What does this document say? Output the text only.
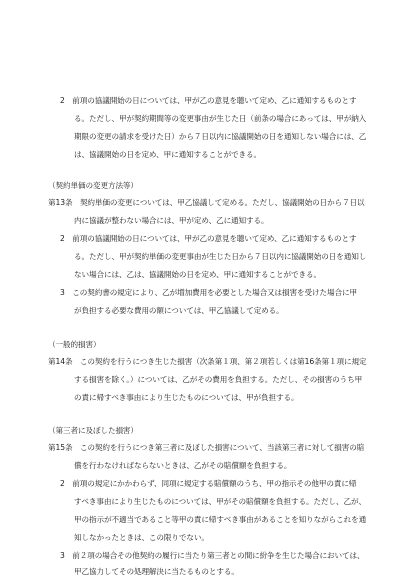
2　前項の協議開始の日については、甲が乙の意見を聴いて定め、乙に通知するものとす
る。ただし、甲が契約期間等の変更事由が生じた日（前条の場合にあっては、甲が納入
期限の変更の請求を受けた日）から７日以内に協議開始の日を通知しない場合には、乙
は、協議開始の日を定め、甲に通知することができる。
（契約単価の変更方法等）
第13条　契約単価の変更については、甲乙協議して定める。ただし、協議開始の日から７日以
内に協議が整わない場合には、甲が定め、乙に通知する。
2　前項の協議開始の日については、甲が乙の意見を聴いて定め、乙に通知するものとす
る。ただし、甲が契約単価の変更事由が生じた日から７日以内に協議開始の日を通知し
ない場合には、乙は、協議開始の日を定め、甲に通知することができる。
3　この契約書の規定により、乙が増加費用を必要とした場合又は損害を受けた場合に甲
が負担する必要な費用の額については、甲乙協議して定める。
（一般的損害）
第14条　この契約を行うにつき生じた損害（次条第１項、第２項若しくは第16条第１項に規定
する損害を除く。）については、乙がその費用を負担する。ただし、その損害のうち甲
の責に帰すべき事由により生じたものについては、甲が負担する。
（第三者に及ぼした損害）
第15条　この契約を行うにつき第三者に及ぼした損害について、当該第三者に対して損害の賠
償を行わなければならないときは、乙がその賠償額を負担する。
2　前項の規定にかかわらず、同項に規定する賠償額のうち、甲の指示その他甲の責に帰
すべき事由により生じたものについては、甲がその賠償額を負担する。ただし、乙が、
甲の指示が不適当であること等甲の責に帰すべき事由があることを知りながらこれを通
知しなかったときは、この限りでない。
3　前２項の場合その他契約の履行に当たり第三者との間に紛争を生じた場合においては、
甲乙協力してその処理解決に当たるものとする。
